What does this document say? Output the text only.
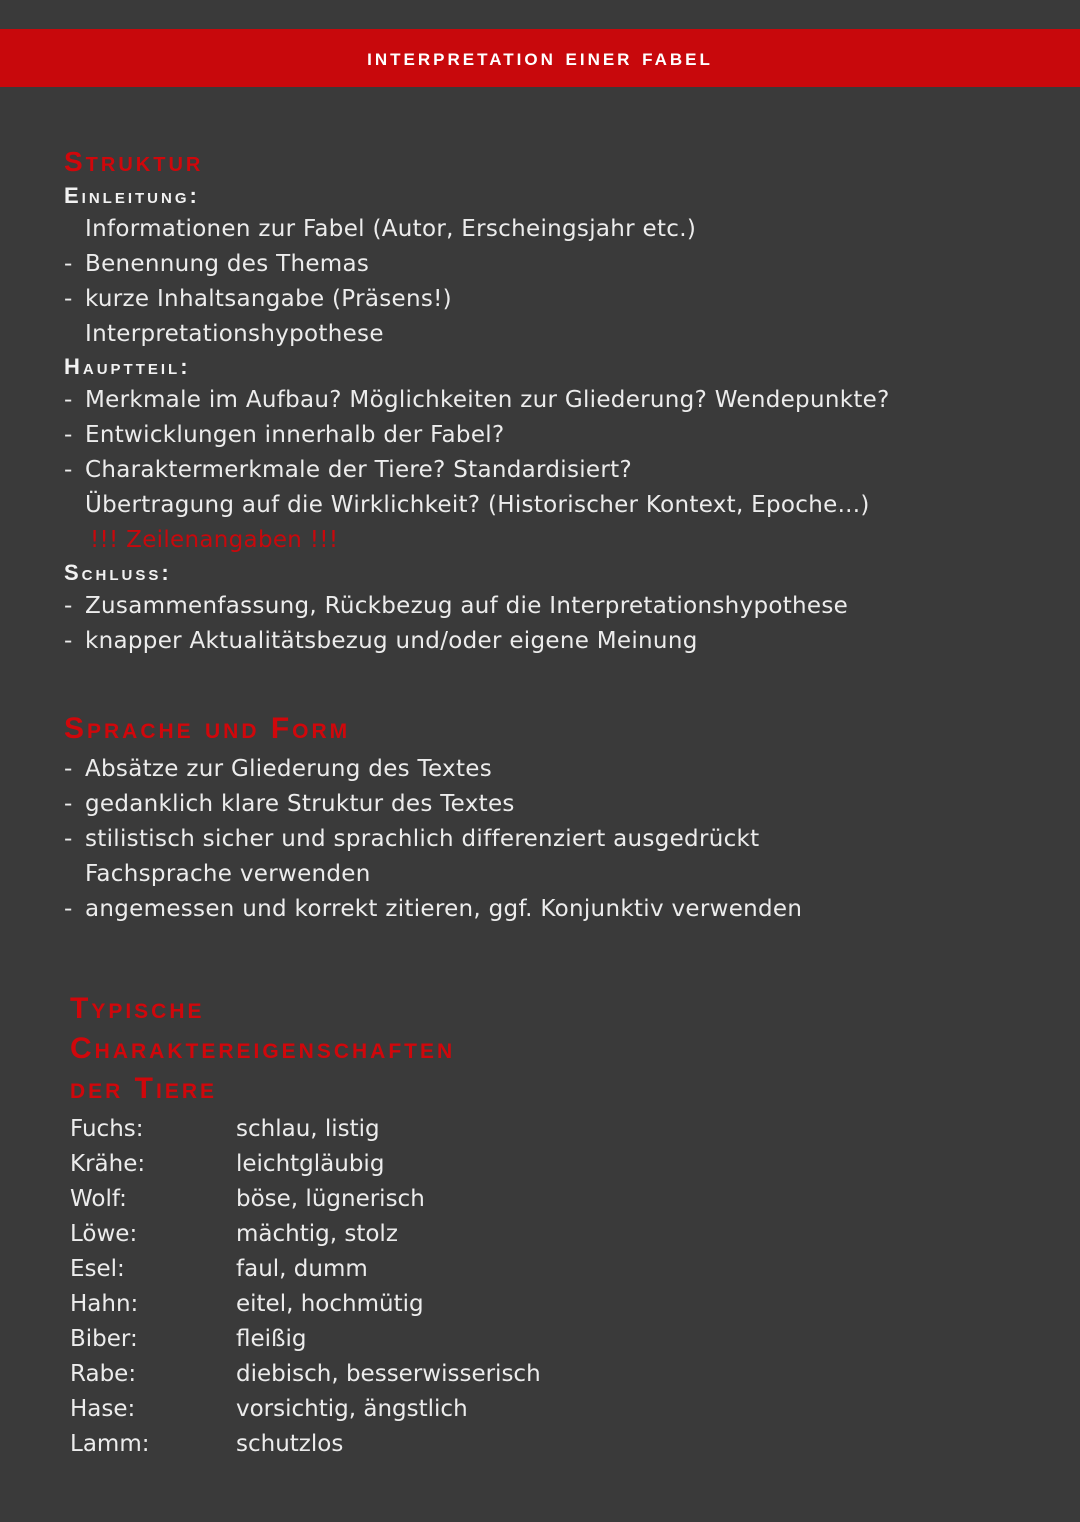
interpretation einer fabel
Struktur
Einleitung:
Informationen zur Fabel (Autor, Erscheingsjahr etc.)
- Benennung des Themas
- kurze Inhaltsangabe (Präsens!)
Interpretationshypothese
Hauptteil:
- Merkmale im Aufbau? Möglichkeiten zur Gliederung? Wendepunkte?
- Entwicklungen innerhalb der Fabel?
- Charaktermerkmale der Tiere? Standardisiert?
Übertragung auf die Wirklichkeit? (Historischer Kontext, Epoche...)
!!! Zeilenangaben !!!
Schluss:
- Zusammenfassung, Rückbezug auf die Interpretationshypothese
- knapper Aktualitätsbezug und/oder eigene Meinung
Sprache und Form
- Absätze zur Gliederung des Textes
- gedanklich klare Struktur des Textes
- stilistisch sicher und sprachlich differenziert ausgedrückt
Fachsprache verwenden
- angemessen und korrekt zitieren, ggf. Konjunktiv verwenden
Typische
Charaktereigenschaften
der Tiere
Fuchs:	schlau, listig
Krähe:	leichtgläubig
Wolf:	böse, lügnerisch
Löwe:	mächtig, stolz
Esel:	faul, dumm
Hahn:	eitel, hochmütig
Biber:	fleißig
Rabe:	diebisch, besserwisserisch
Hase:	vorsichtig, ängstlich
Lamm:	schutzlos
